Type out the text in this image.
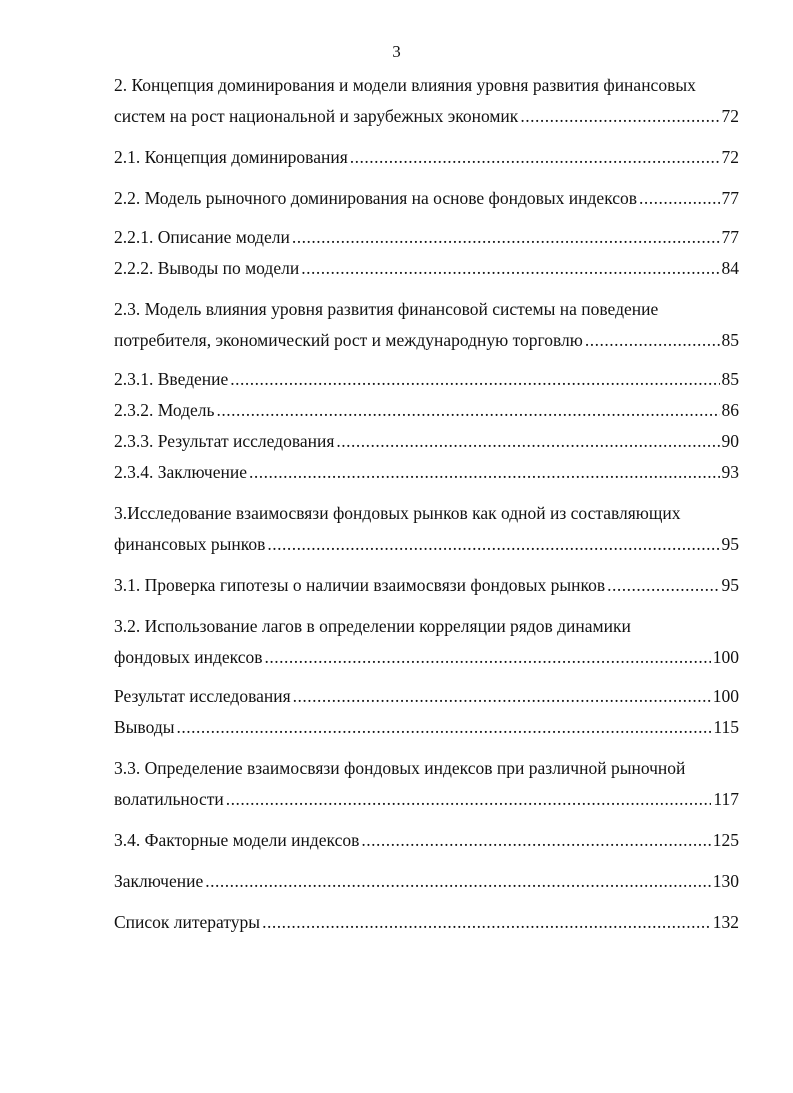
3
2. Концепция доминирования и модели влияния уровня развития финансовых
систем на рост национальной и зарубежных экономик .....	72
2.1. Концепция доминирования .....	72
2.2. Модель рыночного доминирования на основе фондовых индексов .....	77
2.2.1. Описание модели .....	77
2.2.2. Выводы по модели .....	84
2.3. Модель влияния уровня развития финансовой системы на поведение
потребителя, экономический рост и международную торговлю .....	85
2.3.1. Введение .....	85
2.3.2. Модель .....	86
2.3.3. Результат исследования .....	90
2.3.4. Заключение .....	93
3.Исследование взаимосвязи фондовых рынков как одной из составляющих
финансовых рынков .....	95
3.1. Проверка гипотезы о наличии взаимосвязи фондовых рынков .....	95
3.2. Использование лагов в определении корреляции рядов динамики
фондовых индексов .....	100
Результат исследования .....	100
Выводы .....	115
3.3. Определение взаимосвязи фондовых индексов при различной рыночной
волатильности .....	117
3.4. Факторные модели индексов .....	125
Заключение .....	130
Список литературы .....	132
